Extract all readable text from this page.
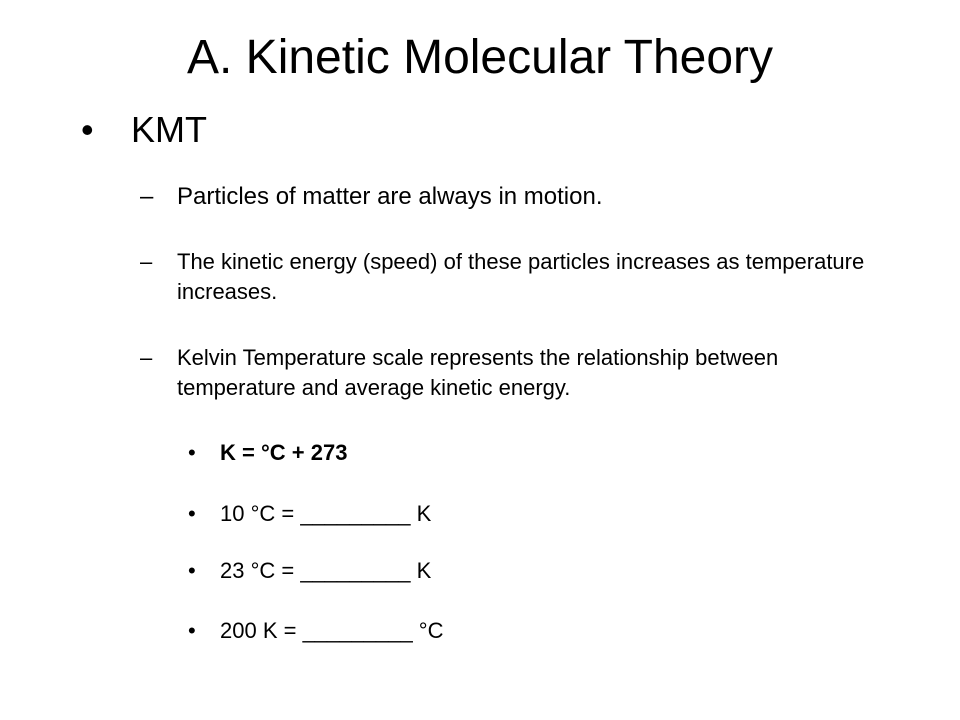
A. Kinetic Molecular Theory
• KMT
– Particles of matter are always in motion.
– The kinetic energy (speed) of these particles increases as temperature increases.
– Kelvin Temperature scale represents the relationship between temperature and average kinetic energy.
• K = °C + 273
• 10 °C = _________ K
• 23 °C = _________ K
• 200 K = _________ °C
